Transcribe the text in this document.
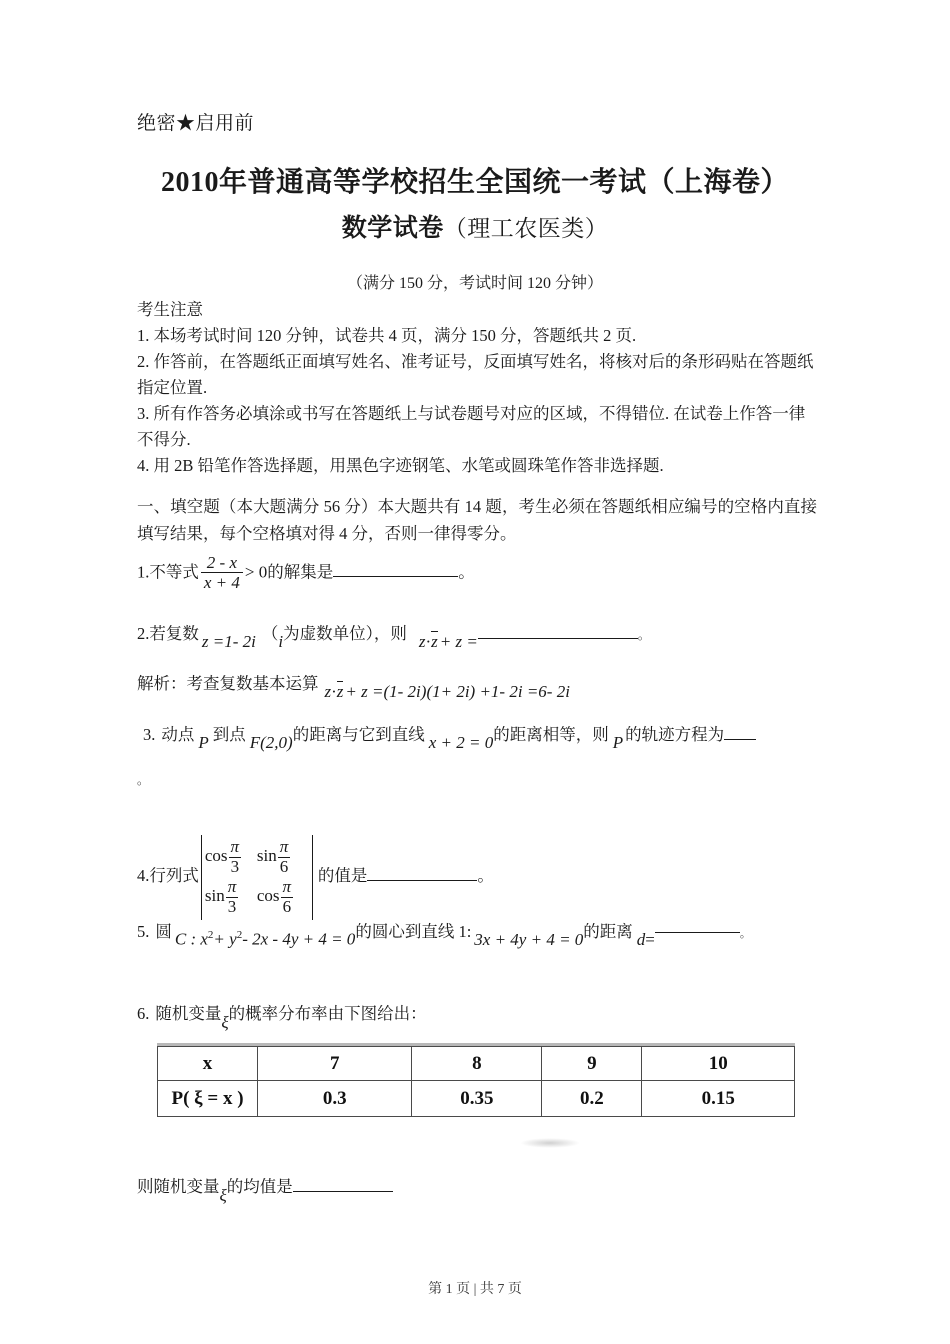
绝密★启用前
2010年普通高等学校招生全国统一考试（上海卷）
数学试卷（理工农医类）
（满分 150 分，考试时间 120 分钟）
考生注意
1. 本场考试时间 120 分钟，试卷共 4 页，满分 150 分，答题纸共 2 页.
2. 作答前，在答题纸正面填写姓名、准考证号，反面填写姓名，将核对后的条形码贴在答题纸指定位置.
3. 所有作答务必填涂或书写在答题纸上与试卷题号对应的区域，不得错位. 在试卷上作答一律不得分.
4. 用 2B 铅笔作答选择题，用黑色字迹钢笔、水笔或圆珠笔作答非选择题.
一、填空题（本大题满分 56 分）本大题共有 14 题，考生必须在答题纸相应编号的空格内直接填写结果，每个空格填对得 4 分，否则一律得零分。
1.不等式 $\frac{2 - x}{x + 4} > 0$的解集是	。
2.若复数 z =1- 2i （i为虚数单位），则 z·z + z =	。
解析：考查复数基本运算 z·z + z =(1- 2i)(1+ 2i) +1- 2i =6- 2i
3. 动点 P 到点 F(2,0)的距离与它到直线 x + 2 = 0的距离相等，则 P 的轨迹方程为
。
4.行列式
$\cos \frac{\pi}{3}$ $\sin \frac{\pi}{6}$
$\sin \frac{\pi}{3}$ $\cos \frac{\pi}{6}$
的值是	。
5. 圆 C : $x^2+ y^2-$ 2x - 4y + 4 = 0的圆心到直线 1: 3x + 4y + 4 = 0的距离 d=	。
6. 随机变量ξ的概率分布率由下图给出：
x	7	8	9	10
P( ξ = x )	0.3	0.35	0.2	0.15
则随机变量ξ的均值是
第 1 页 | 共 7 页
